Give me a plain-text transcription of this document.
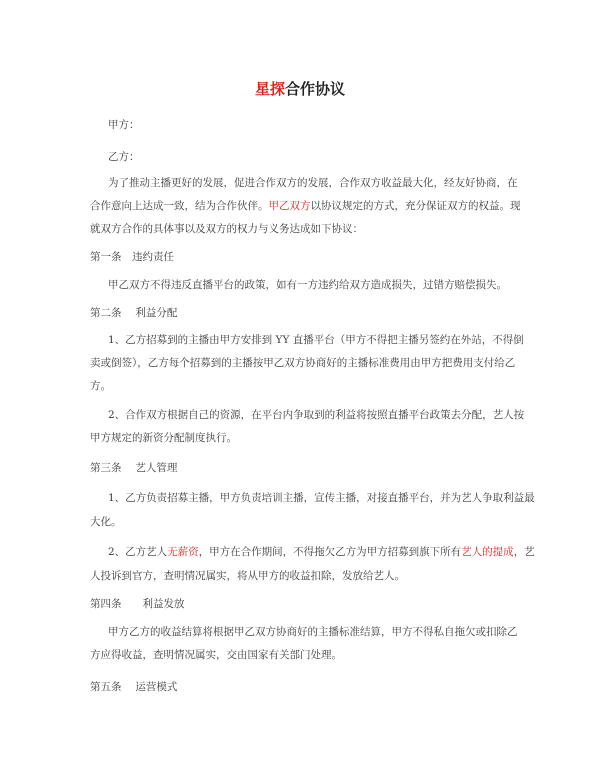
星探合作协议
甲方：
乙方：
为了推动主播更好的发展，促进合作双方的发展，合作双方收益最大化，经友好协商，在
合作意向上达成一致，结为合作伙伴。甲乙双方以协议规定的方式，充分保证双方的权益。现
就双方合作的具体事以及双方的权力与义务达成如下协议：
第一条　违约责任
甲乙双方不得违反直播平台的政策，如有一方违约给双方造成损失，过错方赔偿损失。
第二条　 利益分配
1、乙方招募到的主播由甲方安排到 YY 直播平台（甲方不得把主播另签约在外站，不得倒
卖或倒签），乙方每个招募到的主播按甲乙双方协商好的主播标准费用由甲方把费用支付给乙
方。
2、合作双方根据自己的资源，在平台内争取到的利益将按照直播平台政策去分配，艺人按
甲方规定的新资分配制度执行。
第三条　 艺人管理
1、乙方负责招募主播，甲方负责培训主播，宣传主播，对接直播平台，并为艺人争取利益最
大化。
2、乙方艺人无薪资，甲方在合作期间，不得拖欠乙方为甲方招募到旗下所有艺人的提成，艺
人投诉到官方，查明情况属实，将从甲方的收益扣除，发放给艺人。
第四条　　利益发放
甲方乙方的收益结算将根据甲乙双方协商好的主播标准结算，甲方不得私自拖欠或扣除乙
方应得收益，查明情况属实，交由国家有关部门处理。
第五条　 运营模式
